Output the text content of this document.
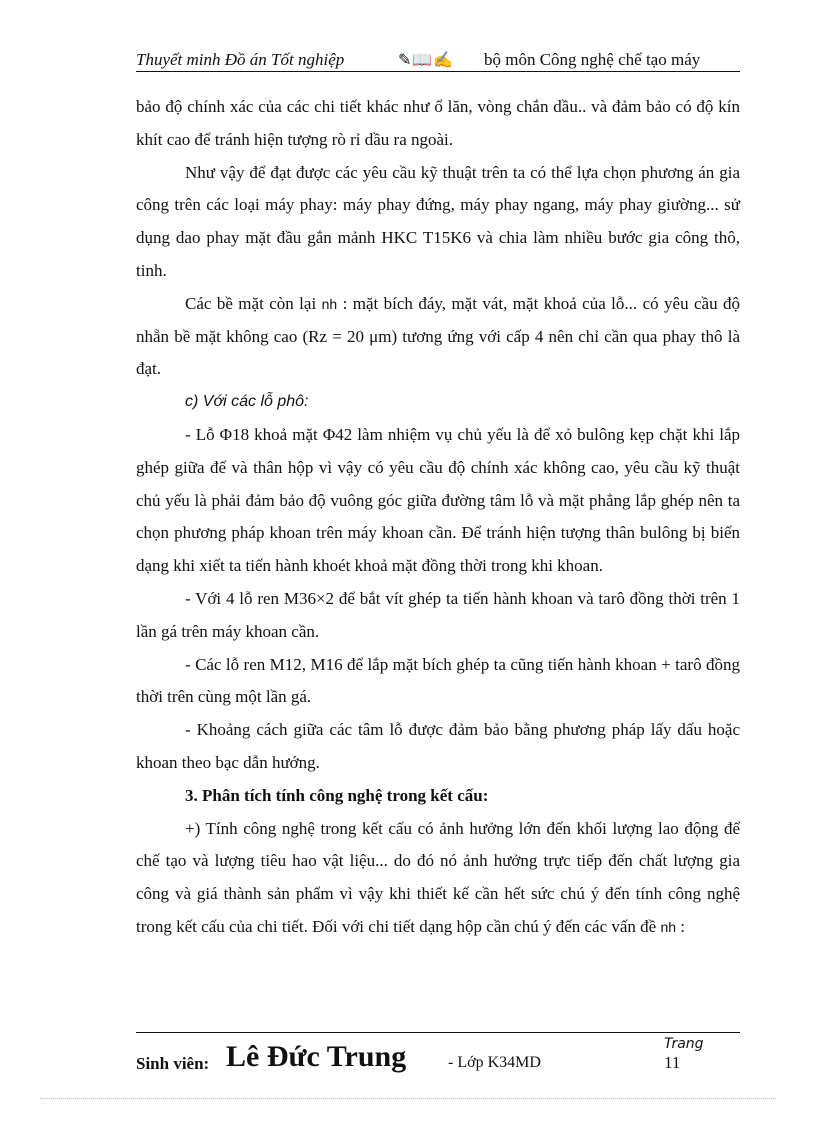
Thuyết minh Đồ án Tốt nghiệp	✎📖✍ bộ môn Công nghệ chế tạo máy

bảo độ chính xác của các chi tiết khác như ổ lăn, vòng chắn dầu.. và đảm bảo có độ kín khít cao để tránh hiện tượng rò rỉ dầu ra ngoài.

Như vậy để đạt được các yêu cầu kỹ thuật trên ta có thể lựa chọn phương án gia công trên các loại máy phay: máy phay đứng, máy phay ngang, máy phay giường... sử dụng dao phay mặt đầu gắn mảnh HKC T15K6 và chia làm nhiều bước gia công thô, tinh.

Các bề mặt còn lại nh : mặt bích đáy, mặt vát, mặt khoả của lỗ... có yêu cầu độ nhẵn bề mặt không cao (Rz = 20 μm) tương ứng với cấp 4 nên chỉ cần qua phay thô là đạt.

c) Với các lỗ phô:

- Lỗ Φ18 khoả mặt Φ42 làm nhiệm vụ chủ yếu là để xỏ bulông kẹp chặt khi lắp ghép giữa đế và thân hộp vì vậy có yêu cầu độ chính xác không cao, yêu cầu kỹ thuật chủ yếu là phải đảm bảo độ vuông góc giữa đường tâm lỗ và mặt phẳng lắp ghép nên ta chọn phương pháp khoan trên máy khoan cần. Để tránh hiện tượng thân bulông bị biến dạng khi xiết ta tiến hành khoét khoả mặt đồng thời trong khi khoan.

- Với 4 lỗ ren M36×2 để bắt vít ghép ta tiến hành khoan và tarô đồng thời trên 1 lần gá trên máy khoan cần.

- Các lỗ ren M12, M16 để lắp mặt bích ghép ta cũng tiến hành khoan + tarô đồng thời trên cùng một lần gá.

- Khoảng cách giữa các tâm lỗ được đảm bảo bằng phương pháp lấy dấu hoặc khoan theo bạc dẫn hướng.

3. Phân tích tính công nghệ trong kết cấu:

+) Tính công nghệ trong kết cấu có ảnh hưởng lớn đến khối lượng lao động để chế tạo và lượng tiêu hao vật liệu... do đó nó ảnh hưởng trực tiếp đến chất lượng gia công và giá thành sản phẩm vì vậy khi thiết kế cần hết sức chú ý đến tính công nghệ trong kết cấu của chi tiết. Đối với chi tiết dạng hộp cần chú ý đến các vấn đề nh :

Sinh viên: Lê Đức Trung	- Lớp K34MD
Trang
11
